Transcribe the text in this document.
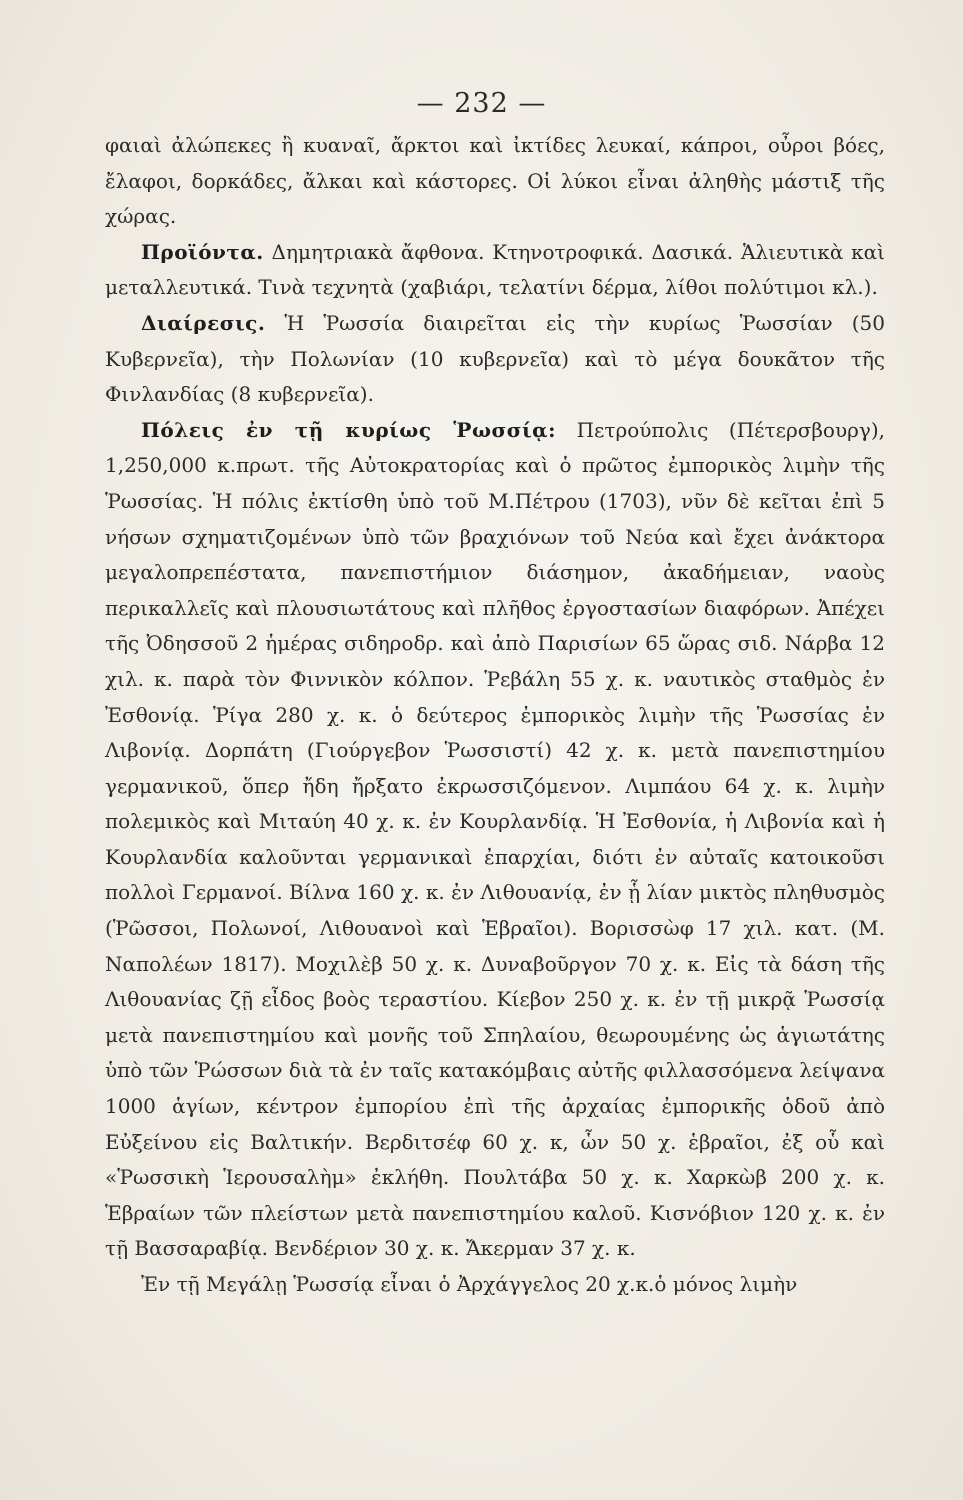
— 232 —

φαιαὶ ἀλώπεκες ἢ κυαναῖ, ἄρκτοι καὶ ἰκτίδες λευκαί, κάπροι, οὖροι βόες, ἔλαφοι, δορκάδες, ἄλκαι καὶ κάστορες. Οἱ λύκοι εἶναι ἀληθὴς μάστιξ τῆς χώρας.

Προϊόντα. Δημητριακὰ ἄφθονα. Κτηνοτροφικά. Δασικά. Ἁλιευτικὰ καὶ μεταλλευτικά. Τινὰ τεχνητὰ (χαβιάρι, τελατίνι δέρμα, λίθοι πολύτιμοι κλ.).

Διαίρεσις. Ἡ Ῥωσσία διαιρεῖται εἰς τὴν κυρίως Ῥωσσίαν (50 Κυβερνεῖα), τὴν Πολωνίαν (10 κυβερνεῖα) καὶ τὸ μέγα δουκᾶτον τῆς Φινλανδίας (8 κυβερνεῖα).

Πόλεις ἐν τῇ κυρίως Ῥωσσίᾳ: Πετρούπολις (Πέτερσβουργ), 1,250,000 κ.πρωτ. τῆς Αὐτοκρατορίας καὶ ὁ πρῶτος ἐμπορικὸς λιμὴν τῆς Ῥωσσίας. Ἡ πόλις ἐκτίσθη ὑπὸ τοῦ Μ.Πέτρου (1703), νῦν δὲ κεῖται ἐπὶ 5 νήσων σχηματιζομένων ὑπὸ τῶν βραχιόνων τοῦ Νεύα καὶ ἔχει ἀνάκτορα μεγαλοπρεπέστατα, πανεπιστήμιον διάσημον, ἀκαδήμειαν, ναοὺς περικαλλεῖς καὶ πλουσιωτάτους καὶ πλῆθος ἐργοστασίων διαφόρων. Ἀπέχει τῆς Ὀδησσοῦ 2 ἡμέρας σιδηροδρ. καὶ ἀπὸ Παρισίων 65 ὥρας σιδ. Νάρβα 12 χιλ. κ. παρὰ τὸν Φιννικὸν κόλπον. Ῥεβάλη 55 χ. κ. ναυτικὸς σταθμὸς ἐν Ἐσθονίᾳ. Ῥίγα 280 χ. κ. ὁ δεύτερος ἐμπορικὸς λιμὴν τῆς Ῥωσσίας ἐν Λιβονίᾳ. Δορπάτη (Γιούργεβον Ῥωσσιστί) 42 χ. κ. μετὰ πανεπιστημίου γερμανικοῦ, ὅπερ ἤδη ἤρξατο ἐκρωσσιζόμενον. Λιμπάου 64 χ. κ. λιμὴν πολεμικὸς καὶ Μιταύη 40 χ. κ. ἐν Κουρλανδίᾳ. Ἡ Ἐσθονία, ἡ Λιβονία καὶ ἡ Κουρλανδία καλοῦνται γερμανικαὶ ἐπαρχίαι, διότι ἐν αὐταῖς κατοικοῦσι πολλοὶ Γερμανοί. Βίλνα 160 χ. κ. ἐν Λιθουανίᾳ, ἐν ᾗ λίαν μικτὸς πληθυσμὸς (Ῥῶσσοι, Πολωνοί, Λιθουανοὶ καὶ Ἑβραῖοι). Βορισσὼφ 17 χιλ. κατ. (Μ. Ναπολέων 1817). Μοχιλὲβ 50 χ. κ. Δυναβοῦργον 70 χ. κ. Εἰς τὰ δάση τῆς Λιθουανίας ζῇ εἶδος βοὸς τεραστίου. Κίεβον 250 χ. κ. ἐν τῇ μικρᾷ Ῥωσσίᾳ μετὰ πανεπιστημίου καὶ μονῆς τοῦ Σπηλαίου, θεωρουμένης ὡς ἁγιωτάτης ὑπὸ τῶν Ῥώσσων διὰ τὰ ἐν ταῖς κατακόμβαις αὐτῆς φιλλασσόμενα λείψανα 1000 ἁγίων, κέντρον ἐμπορίου ἐπὶ τῆς ἀρχαίας ἐμπορικῆς ὁδοῦ ἀπὸ Εὐξείνου εἰς Βαλτικήν. Βερδιτσέφ 60 χ. κ, ὧν 50 χ. ἑβραῖοι, ἐξ οὗ καὶ «Ῥωσσικὴ Ἱερουσαλὴμ» ἐκλήθη. Πουλτάβα 50 χ. κ. Χαρκὼβ 200 χ. κ. Ἑβραίων τῶν πλείστων μετὰ πανεπιστημίου καλοῦ. Κισνόβιον 120 χ. κ. ἐν τῇ Βασσαραβίᾳ. Βενδέριον 30 χ. κ. Ἄκερμαν 37 χ. κ.

Ἐν τῇ Μεγάλῃ Ῥωσσίᾳ εἶναι ὁ Ἀρχάγγελος 20 χ.κ.ὁ μόνος λιμὴν
